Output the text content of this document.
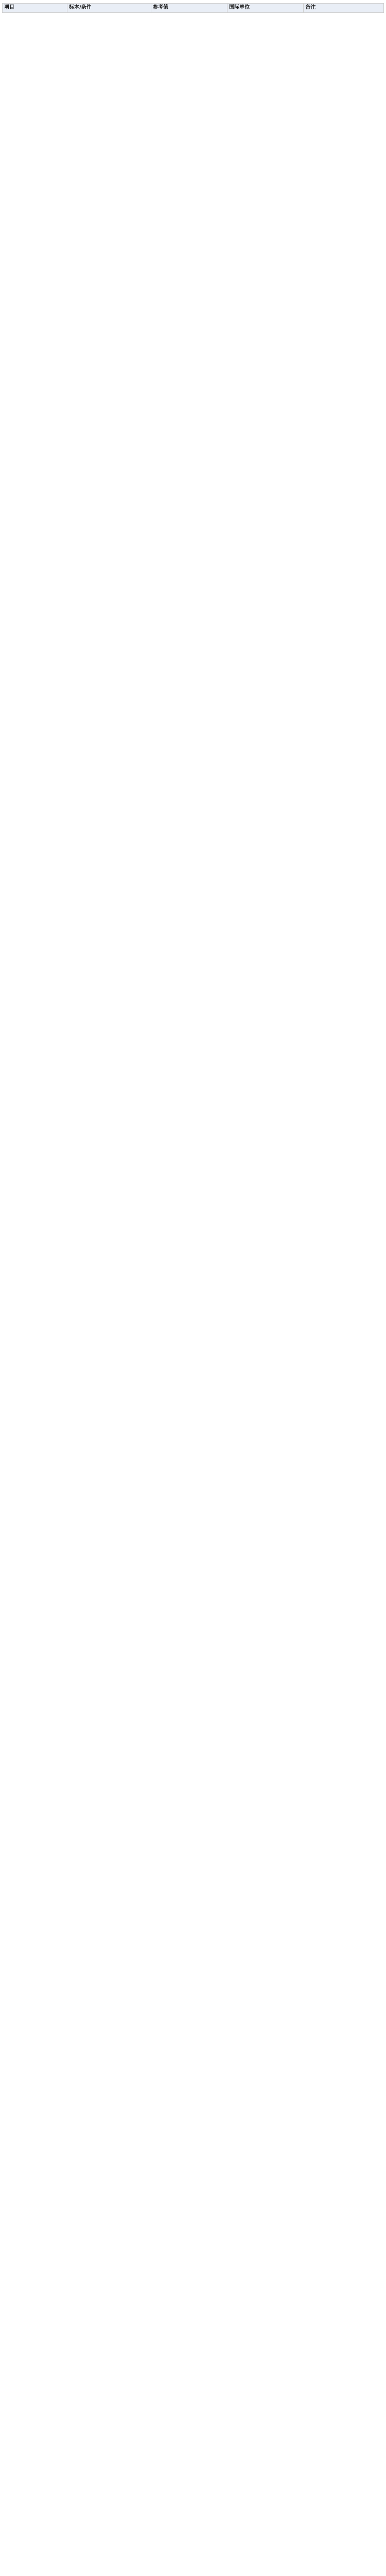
项目	标本/条件	参考值	国际单位	备注
